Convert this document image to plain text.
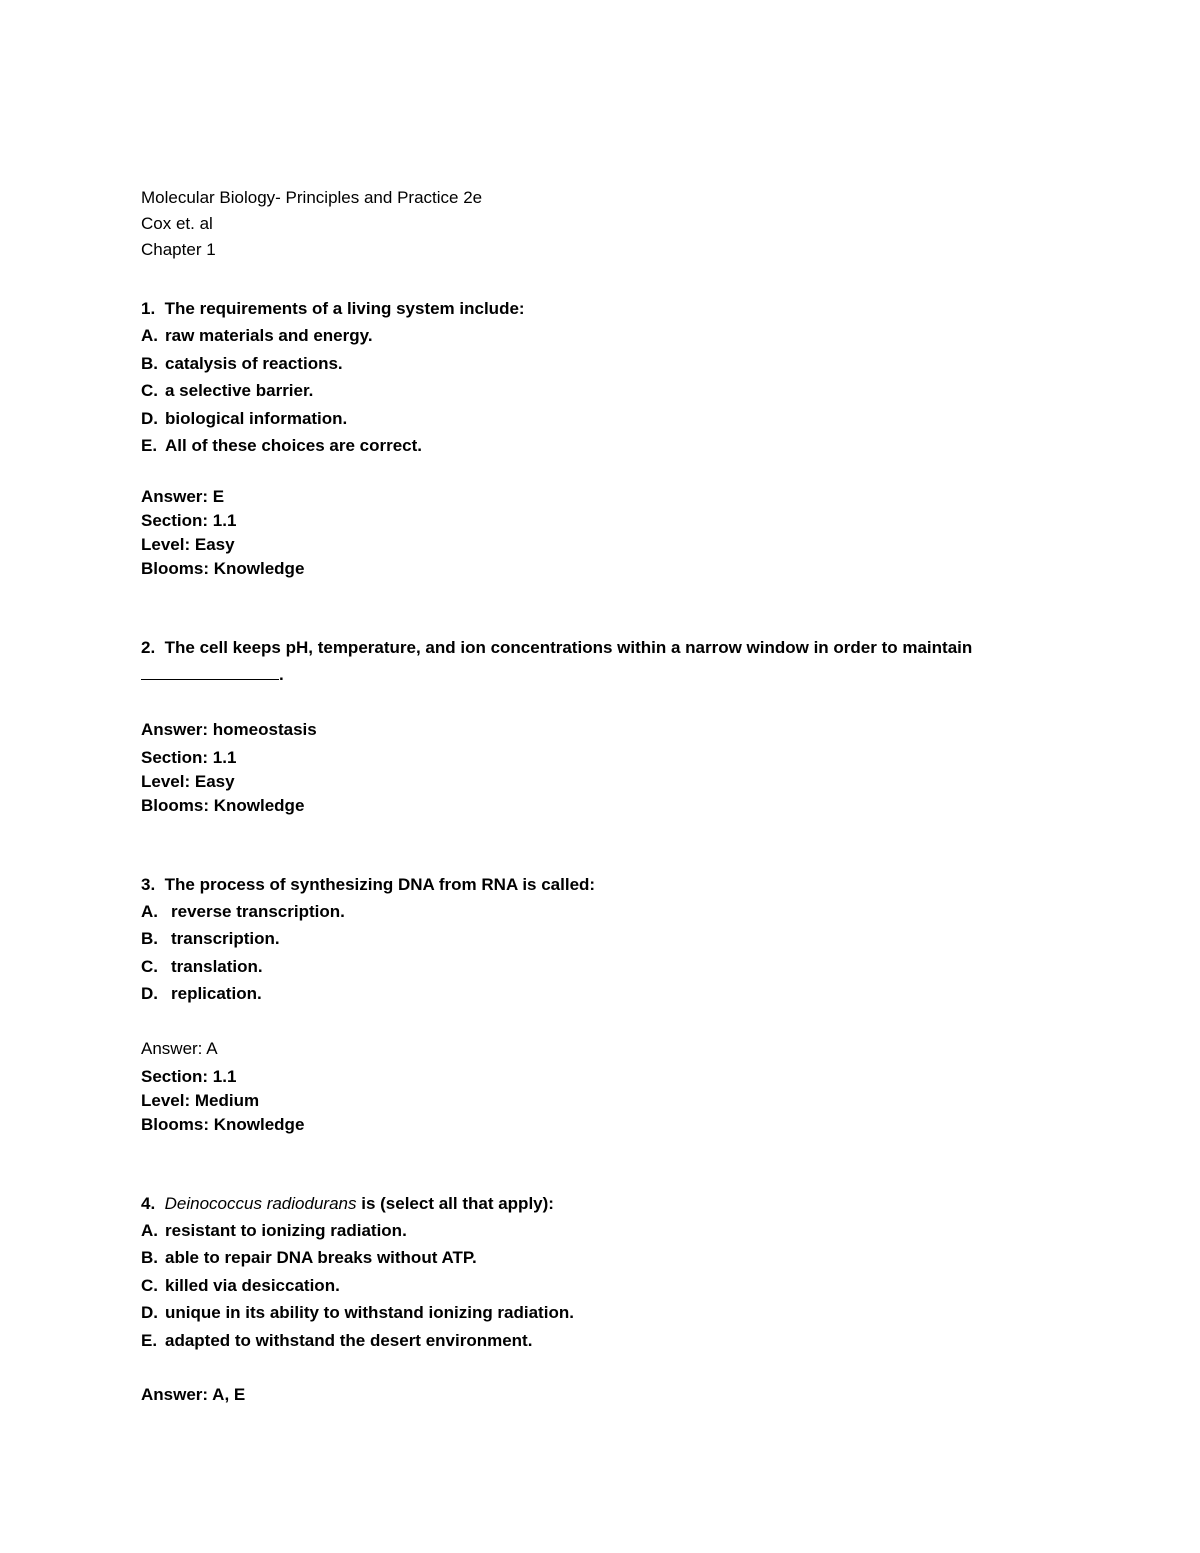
Molecular Biology- Principles and Practice 2e
Cox et. al
Chapter 1
1. The requirements of a living system include:
A. raw materials and energy.
B. catalysis of reactions.
C. a selective barrier.
D. biological information.
E. All of these choices are correct.
Answer: E
Section: 1.1
Level: Easy
Blooms: Knowledge
2. The cell keeps pH, temperature, and ion concentrations within a narrow window in order to maintain
.
Answer: homeostasis
Section: 1.1
Level: Easy
Blooms: Knowledge
3. The process of synthesizing DNA from RNA is called:
A. reverse transcription.
B. transcription.
C. translation.
D. replication.
Answer: A
Section: 1.1
Level: Medium
Blooms: Knowledge
4. Deinococcus radiodurans is (select all that apply):
A. resistant to ionizing radiation.
B. able to repair DNA breaks without ATP.
C. killed via desiccation.
D. unique in its ability to withstand ionizing radiation.
E. adapted to withstand the desert environment.
Answer: A, E
